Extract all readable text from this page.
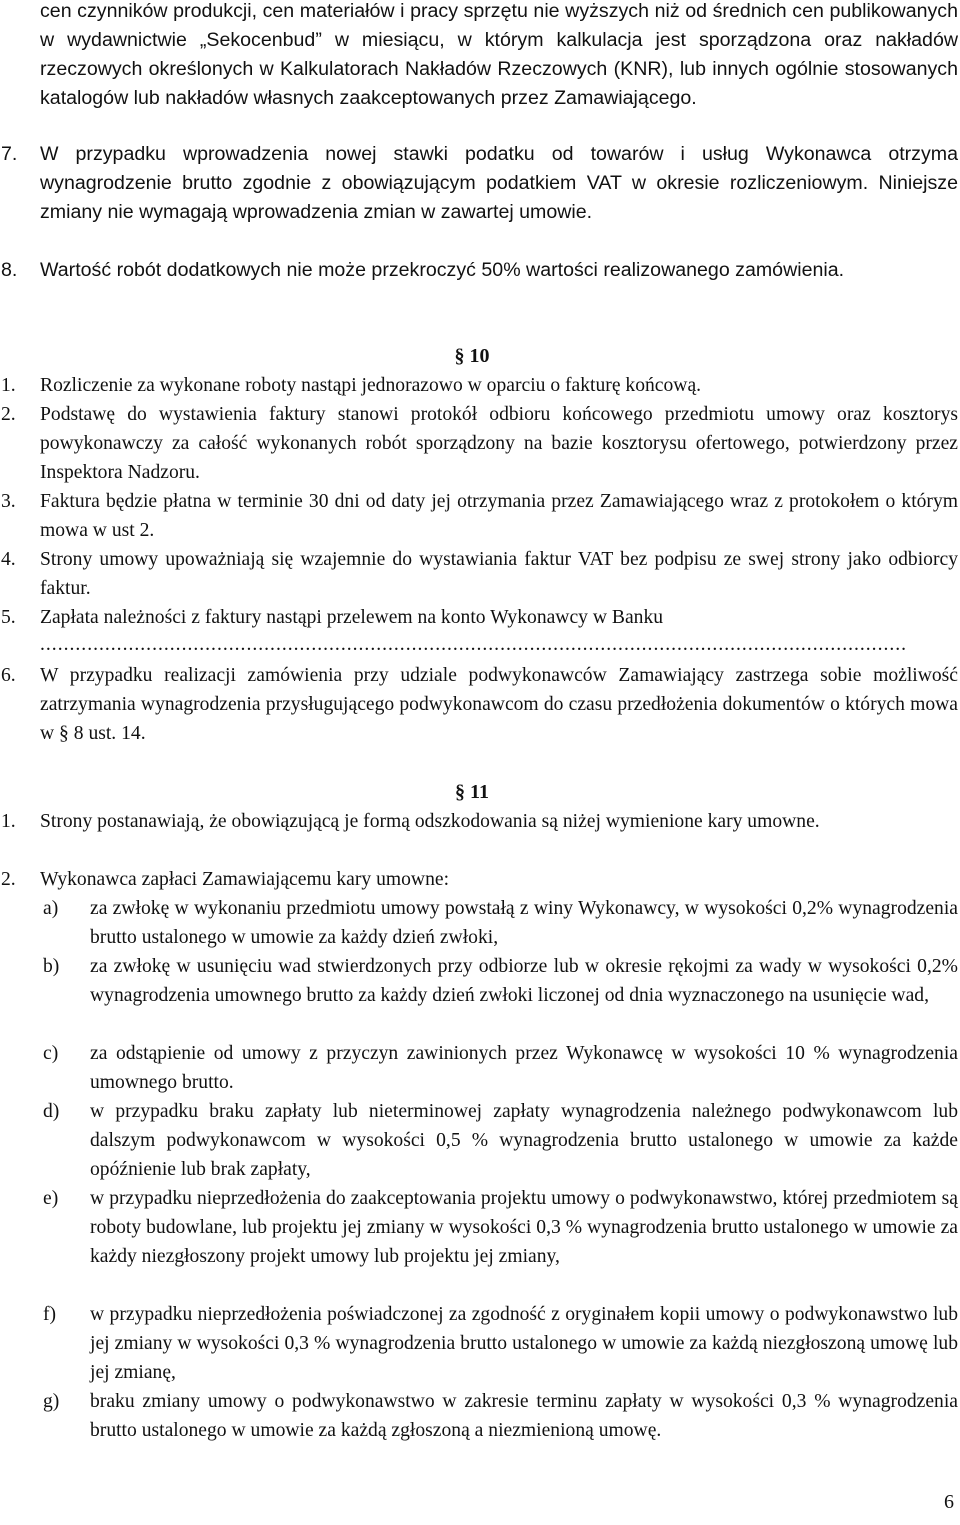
cen czynników produkcji, cen materiałów i pracy sprzętu nie wyższych niż od średnich cen publikowanych w wydawnictwie „Sekocenbud” w miesiącu, w którym kalkulacja jest sporządzona oraz nakładów rzeczowych określonych w Kalkulatorach Nakładów Rzeczowych (KNR), lub innych ogólnie stosowanych katalogów lub nakładów własnych zaakceptowanych przez Zamawiającego.
7. W przypadku wprowadzenia nowej stawki podatku od towarów i usług Wykonawca otrzyma wynagrodzenie brutto zgodnie z obowiązującym podatkiem VAT w okresie rozliczeniowym. Niniejsze zmiany nie wymagają wprowadzenia zmian w zawartej umowie.
8. Wartość robót dodatkowych nie może przekroczyć 50% wartości realizowanego zamówienia.
§ 10
1. Rozliczenie za wykonane roboty nastąpi jednorazowo w oparciu o fakturę końcową.
2. Podstawę do wystawienia faktury stanowi protokół odbioru końcowego przedmiotu umowy oraz kosztorys powykonawczy za całość wykonanych robót sporządzony na bazie kosztorysu ofertowego, potwierdzony przez Inspektora Nadzoru.
3. Faktura będzie płatna w terminie 30 dni od daty jej otrzymania przez Zamawiającego wraz z protokołem o którym mowa w ust 2.
4. Strony umowy upoważniają się wzajemnie do wystawiania faktur VAT bez podpisu ze swej strony jako odbiorcy faktur.
5. Zapłata należności z faktury nastąpi przelewem na konto Wykonawcy w Banku
...................................................................................................................................................
6. W przypadku realizacji zamówienia przy udziale podwykonawców Zamawiający zastrzega sobie możliwość zatrzymania wynagrodzenia przysługującego podwykonawcom do czasu przedłożenia dokumentów o których mowa w § 8 ust. 14.
§ 11
1. Strony postanawiają, że obowiązującą je formą odszkodowania są niżej wymienione kary umowne.
2. Wykonawca zapłaci Zamawiającemu kary umowne:
a) za zwłokę w wykonaniu przedmiotu umowy powstałą z winy Wykonawcy, w wysokości 0,2% wynagrodzenia brutto ustalonego w umowie za każdy dzień zwłoki,
b) za zwłokę w usunięciu wad stwierdzonych przy odbiorze lub w okresie rękojmi za wady w wysokości 0,2% wynagrodzenia umownego brutto za każdy dzień zwłoki liczonej od dnia wyznaczonego na usunięcie wad,
c) za odstąpienie od umowy z przyczyn zawinionych przez Wykonawcę w wysokości 10 % wynagrodzenia umownego brutto.
d) w przypadku braku zapłaty lub nieterminowej zapłaty wynagrodzenia należnego podwykonawcom lub dalszym podwykonawcom w wysokości 0,5 % wynagrodzenia brutto ustalonego w umowie za każde opóźnienie lub brak zapłaty,
e) w przypadku nieprzedłożenia do zaakceptowania projektu umowy o podwykonawstwo, której przedmiotem są roboty budowlane, lub projektu jej zmiany w wysokości 0,3 % wynagrodzenia brutto ustalonego w umowie za każdy niezgłoszony projekt umowy lub projektu jej zmiany,
f) w przypadku nieprzedłożenia poświadczonej za zgodność z oryginałem kopii umowy o podwykonawstwo lub jej zmiany w wysokości 0,3 % wynagrodzenia brutto ustalonego w umowie za każdą niezgłoszoną umowę lub jej zmianę,
g) braku zmiany umowy o podwykonawstwo w zakresie terminu zapłaty w wysokości 0,3 % wynagrodzenia brutto ustalonego w umowie za każdą zgłoszoną a niezmienioną umowę.
6
